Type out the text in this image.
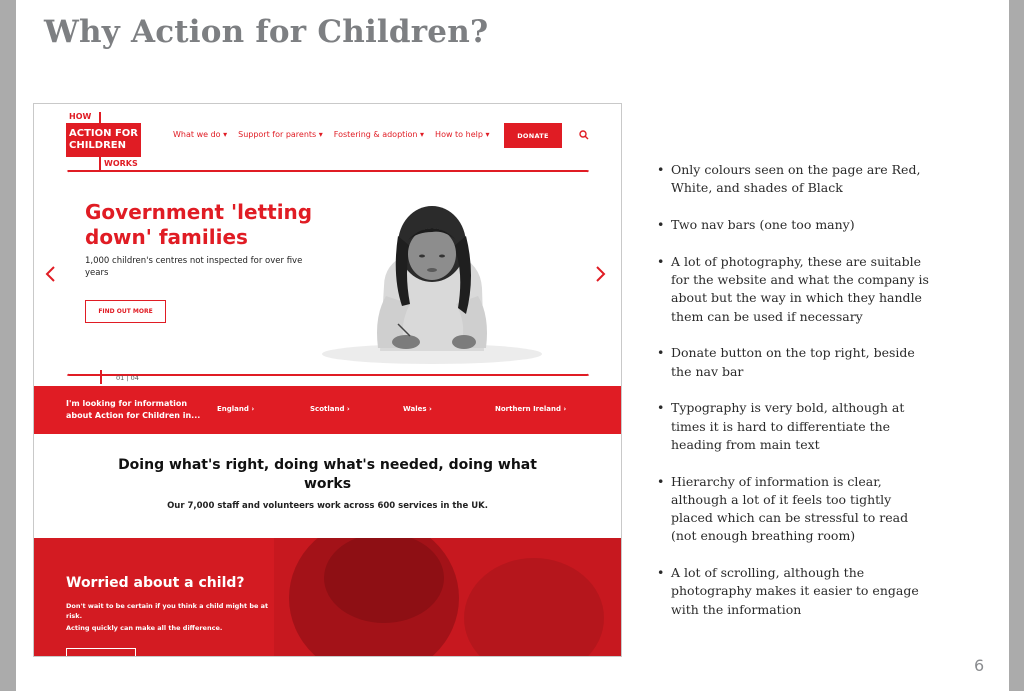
Why Action for Children?
HOW
ACTION FOR
CHILDREN
WORKS
What we do ▾ Support for parents ▾ Fostering & adoption ▾ How to help ▾	DONATE
Government 'letting down' families
1,000 children's centres not inspected for over five years
FIND OUT MORE
01 | 04
I'm looking for information about Action for Children in...
England ›	Scotland ›	Wales ›	Northern Ireland ›
Doing what's right, doing what's needed, doing what works

Our 7,000 staff and volunteers work across 600 services in the UK.

Worried about a child?
Don't wait to be certain if you think a child might be at risk.
Acting quickly can make all the difference.
• Only colours seen on the page are Red, White, and shades of Black
• Two nav bars (one too many)
• A lot of photography, these are suitable for the website and what the company is about but the way in which they handle them can be used if necessary
• Donate button on the top right, beside the nav bar
• Typography is very bold, although at times it is hard to differentiate the heading from main text
• Hierarchy of information is clear, although a lot of it feels too tightly placed which can be stressful to read (not enough breathing room)
• A lot of scrolling, although the photography makes it easier to engage with the information
6
